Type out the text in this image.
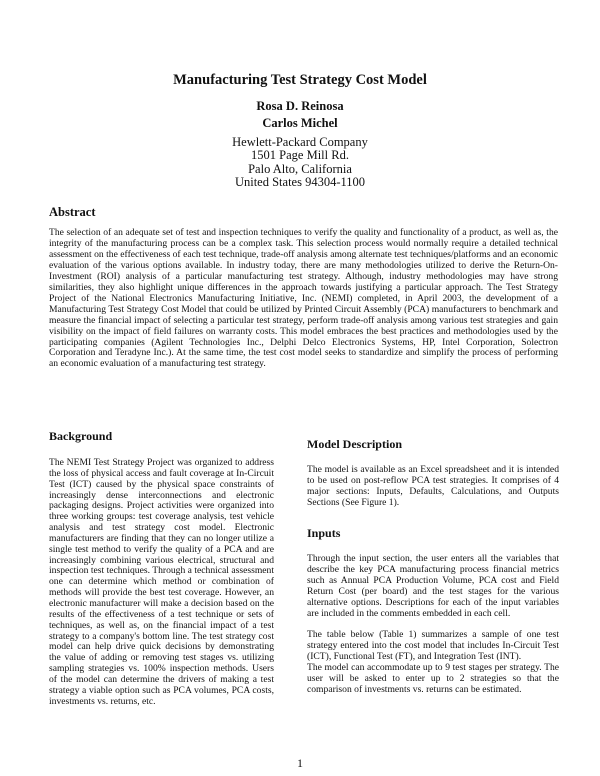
Manufacturing Test Strategy Cost Model
Rosa D. Reinosa
Carlos Michel
Hewlett-Packard Company
1501 Page Mill Rd.
Palo Alto, California
United States 94304-1100
Abstract

The selection of an adequate set of test and inspection techniques to verify the quality and functionality of a product, as well as, the integrity of the manufacturing process can be a complex task. This selection process would normally require a detailed technical assessment on the effectiveness of each test technique, trade-off analysis among alternate test techniques/platforms and an economic evaluation of the various options available. In industry today, there are many methodologies utilized to derive the Return-On-Investment (ROI) analysis of a particular manufacturing test strategy. Although, industry methodologies may have strong similarities, they also highlight unique differences in the approach towards justifying a particular approach. The Test Strategy Project of the National Electronics Manufacturing Initiative, Inc. (NEMI) completed, in April 2003, the development of a Manufacturing Test Strategy Cost Model that could be utilized by Printed Circuit Assembly (PCA) manufacturers to benchmark and measure the financial impact of selecting a particular test strategy, perform trade-off analysis among various test strategies and gain visibility on the impact of field failures on warranty costs. This model embraces the best practices and methodologies used by the participating companies (Agilent Technologies Inc., Delphi Delco Electronics Systems, HP, Intel Corporation, Solectron Corporation and Teradyne Inc.). At the same time, the test cost model seeks to standardize and simplify the process of performing an economic evaluation of a manufacturing test strategy.

Background

The NEMI Test Strategy Project was organized to address the loss of physical access and fault coverage at In-Circuit Test (ICT) caused by the physical space constraints of increasingly dense interconnections and electronic packaging designs. Project activities were organized into three working groups: test coverage analysis, test vehicle analysis and test strategy cost model. Electronic manufacturers are finding that they can no longer utilize a single test method to verify the quality of a PCA and are increasingly combining various electrical, structural and inspection test techniques. Through a technical assessment one can determine which method or combination of methods will provide the best test coverage. However, an electronic manufacturer will make a decision based on the results of the effectiveness of a test technique or sets of techniques, as well as, on the financial impact of a test strategy to a company's bottom line. The test strategy cost model can help drive quick decisions by demonstrating the value of adding or removing test stages vs. utilizing sampling strategies vs. 100% inspection methods. Users of the model can determine the drivers of making a test strategy a viable option such as PCA volumes, PCA costs, investments vs. returns, etc.

Model Description

The model is available as an Excel spreadsheet and it is intended to be used on post-reflow PCA test strategies. It comprises of 4 major sections: Inputs, Defaults, Calculations, and Outputs Sections (See Figure 1).

Inputs

Through the input section, the user enters all the variables that describe the key PCA manufacturing process financial metrics such as Annual PCA Production Volume, PCA cost and Field Return Cost (per board) and the test stages for the various alternative options. Descriptions for each of the input variables are included in the comments embedded in each cell.

The table below (Table 1) summarizes a sample of one test strategy entered into the cost model that includes In-Circuit Test (ICT), Functional Test (FT), and Integration Test (INT).

The model can accommodate up to 9 test stages per strategy. The user will be asked to enter up to 2 strategies so that the comparison of investments vs. returns can be estimated.

1
